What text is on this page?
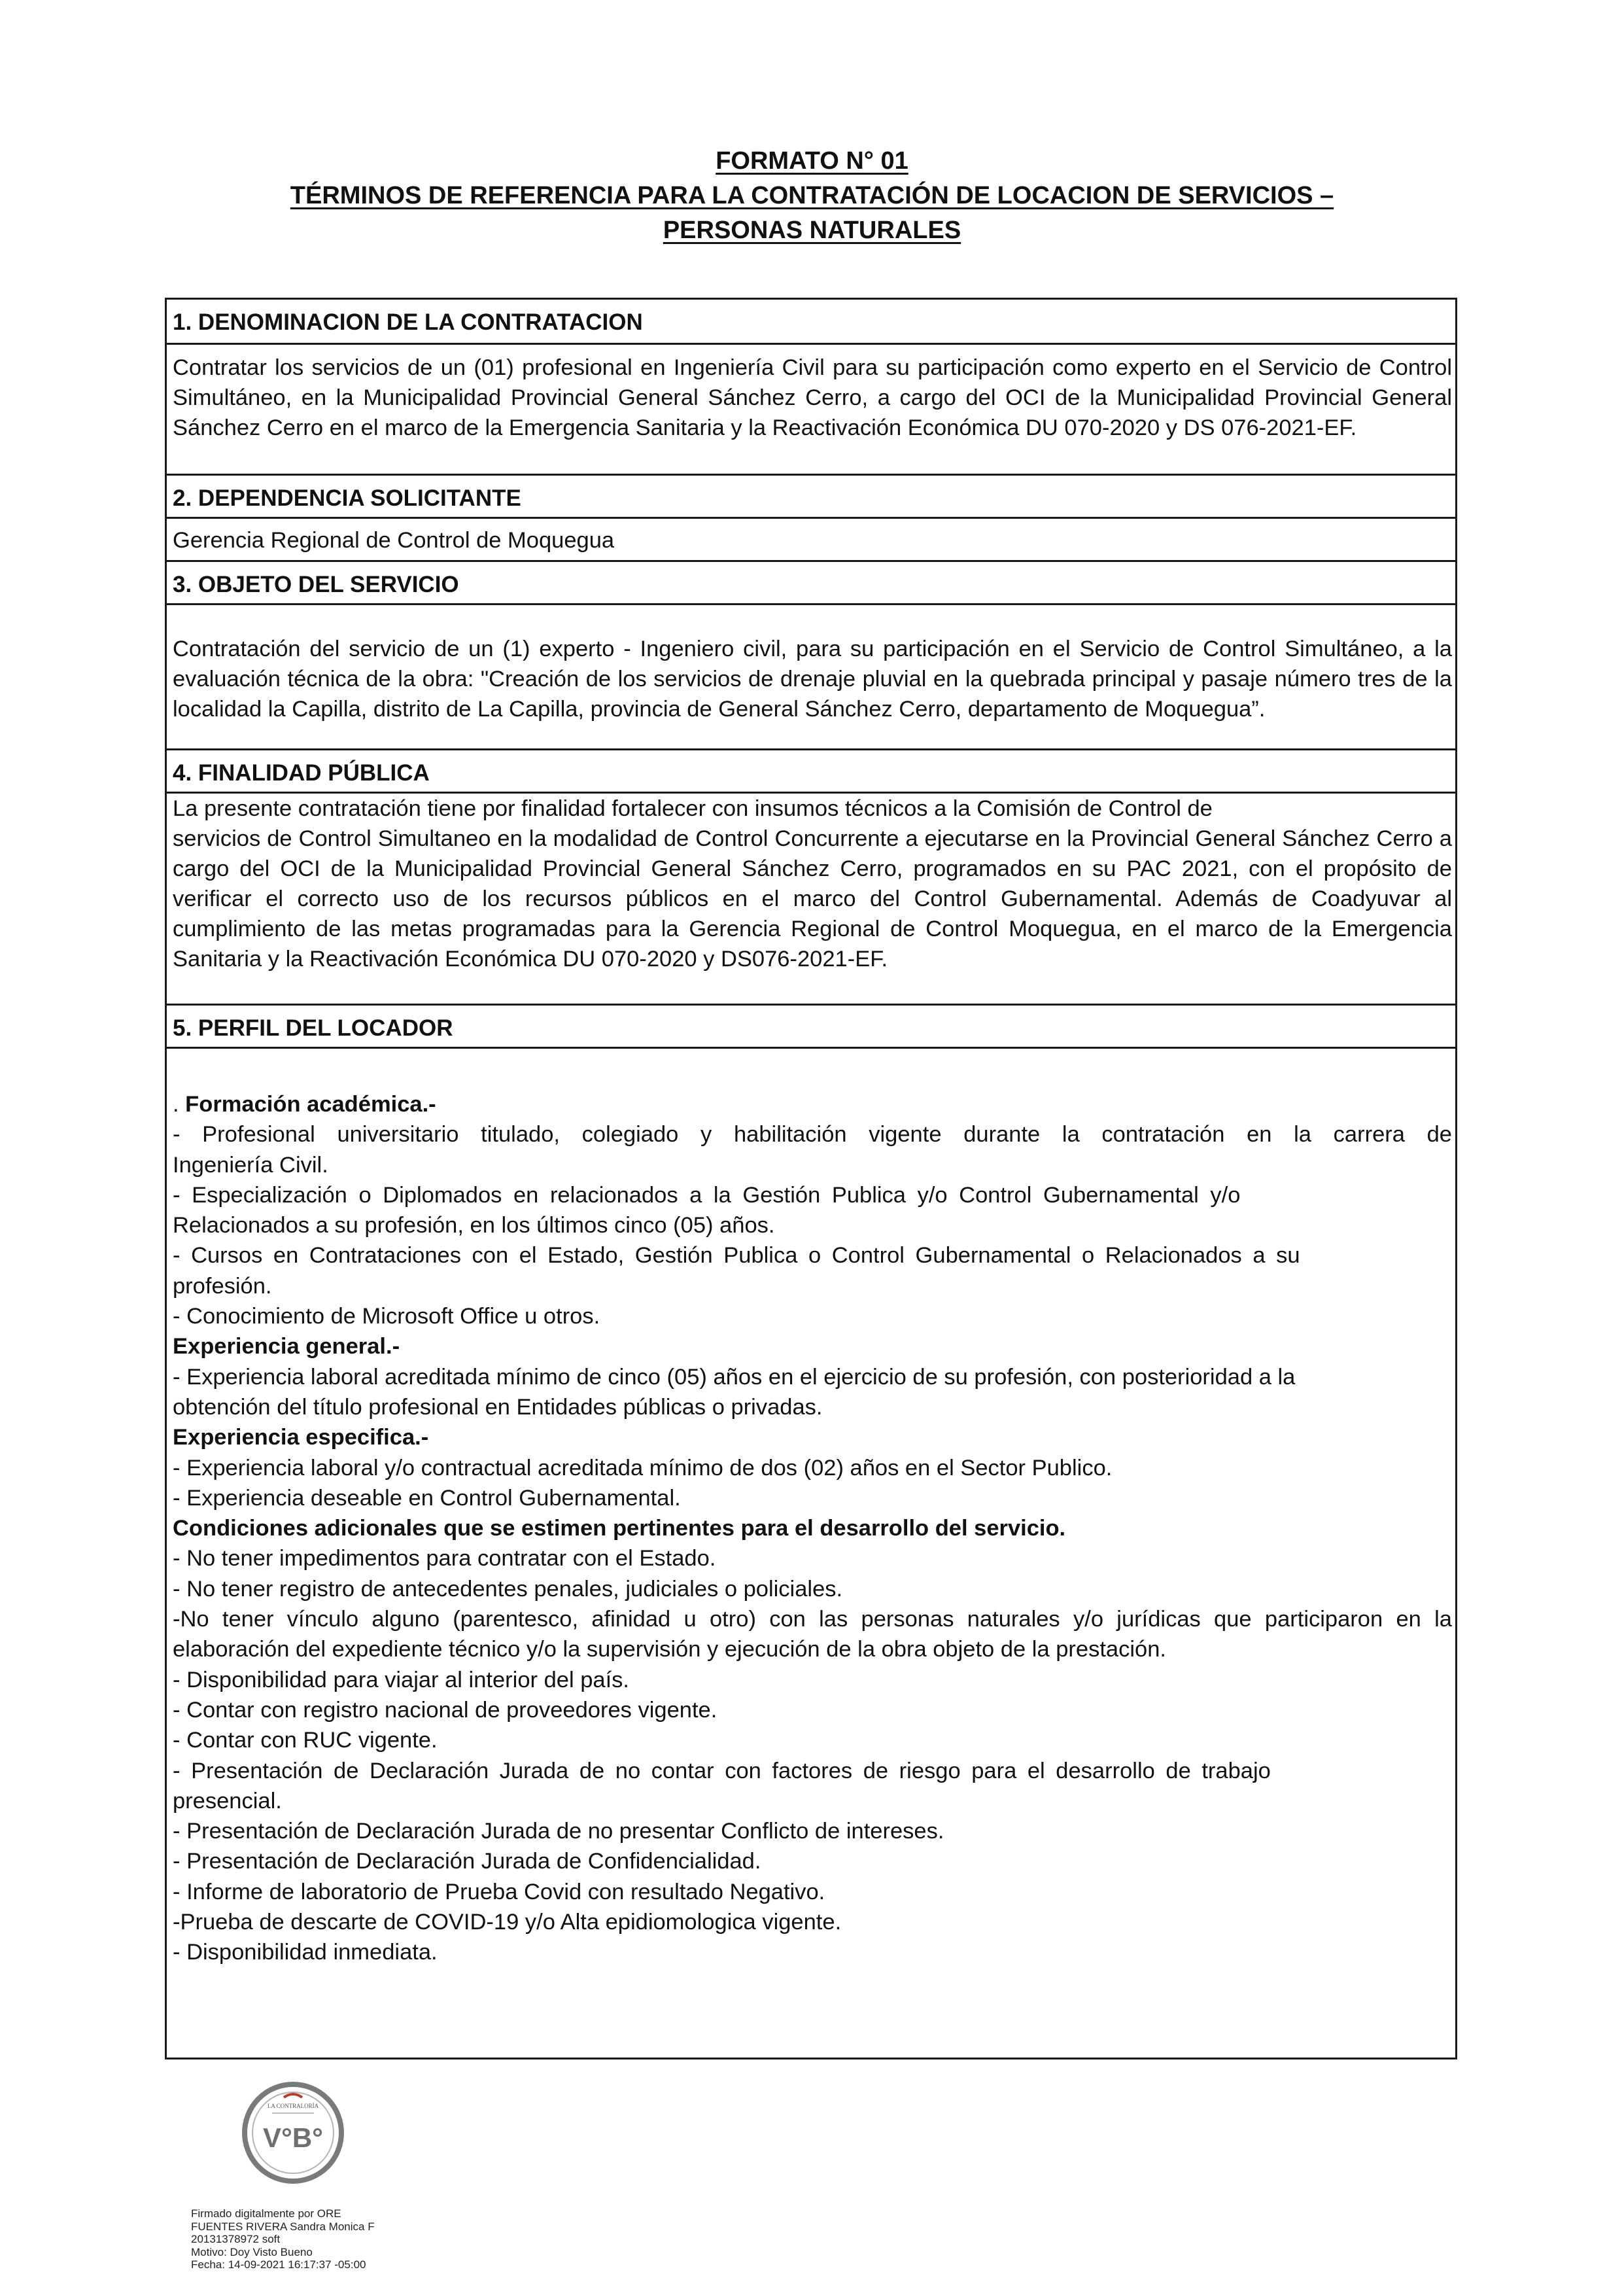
FORMATO N° 01
TÉRMINOS DE REFERENCIA PARA LA CONTRATACIÓN DE LOCACION DE SERVICIOS –
PERSONAS NATURALES
1. DENOMINACION DE LA CONTRATACION

Contratar los servicios de un (01) profesional en Ingeniería Civil para su participación como experto en el Servicio de Control Simultáneo, en la Municipalidad Provincial General Sánchez Cerro, a cargo del OCI de la Municipalidad Provincial General Sánchez Cerro en el marco de la Emergencia Sanitaria y la Reactivación Económica DU 070-2020 y DS 076-2021-EF.

2. DEPENDENCIA SOLICITANTE

Gerencia Regional de Control de Moquegua

3. OBJETO DEL SERVICIO

Contratación del servicio de un (1) experto - Ingeniero civil, para su participación en el Servicio de Control Simultáneo, a la evaluación técnica de la obra: "Creación de los servicios de drenaje pluvial en la quebrada principal y pasaje número tres de la localidad la Capilla, distrito de La Capilla, provincia de General Sánchez Cerro, departamento de Moquegua”.

4. FINALIDAD PÚBLICA

La presente contratación tiene por finalidad fortalecer con insumos técnicos a la Comisión de Control de

servicios de Control Simultaneo en la modalidad de Control Concurrente a ejecutarse en la Provincial General Sánchez Cerro a cargo del OCI de la Municipalidad Provincial General Sánchez Cerro, programados en su PAC 2021, con el propósito de verificar el correcto uso de los recursos públicos en el marco del Control Gubernamental. Además de Coadyuvar al cumplimiento de las metas programadas para la Gerencia Regional de Control Moquegua, en el marco de la Emergencia Sanitaria y la Reactivación Económica DU 070-2020 y DS076-2021-EF.

5. PERFIL DEL LOCADOR
. Formación académica.-
- Profesional universitario titulado, colegiado y habilitación vigente durante la contratación en la carrera de
Ingeniería Civil.
- Especialización o Diplomados en relacionados a la Gestión Publica y/o Control Gubernamental y/o
Relacionados a su profesión, en los últimos cinco (05) años.
- Cursos en Contrataciones con el Estado, Gestión Publica o Control Gubernamental o Relacionados a su
profesión.
- Conocimiento de Microsoft Office u otros.
Experiencia general.-
- Experiencia laboral acreditada mínimo de cinco (05) años en el ejercicio de su profesión, con posterioridad a la
obtención del título profesional en Entidades públicas o privadas.
Experiencia especifica.-
- Experiencia laboral y/o contractual acreditada mínimo de dos (02) años en el Sector Publico.
- Experiencia deseable en Control Gubernamental.
Condiciones adicionales que se estimen pertinentes para el desarrollo del servicio.
- No tener impedimentos para contratar con el Estado.
- No tener registro de antecedentes penales, judiciales o policiales.
-No tener vínculo alguno (parentesco, afinidad u otro) con las personas naturales y/o jurídicas que participaron en la
elaboración del expediente técnico y/o la supervisión y ejecución de la obra objeto de la prestación.
- Disponibilidad para viajar al interior del país.
- Contar con registro nacional de proveedores vigente.
- Contar con RUC vigente.
- Presentación de Declaración Jurada de no contar con factores de riesgo para el desarrollo de trabajo
presencial.
- Presentación de Declaración Jurada de no presentar Conflicto de intereses.
- Presentación de Declaración Jurada de Confidencialidad.
- Informe de laboratorio de Prueba Covid con resultado Negativo.
-Prueba de descarte de COVID-19 y/o Alta epidiomologica vigente.
- Disponibilidad inmediata.
LA CONTRALORÍA
V°B°
Firmado digitalmente por ORE
FUENTES RIVERA Sandra Monica F
20131378972 soft
Motivo: Doy Visto Bueno
Fecha: 14-09-2021 16:17:37 -05:00
